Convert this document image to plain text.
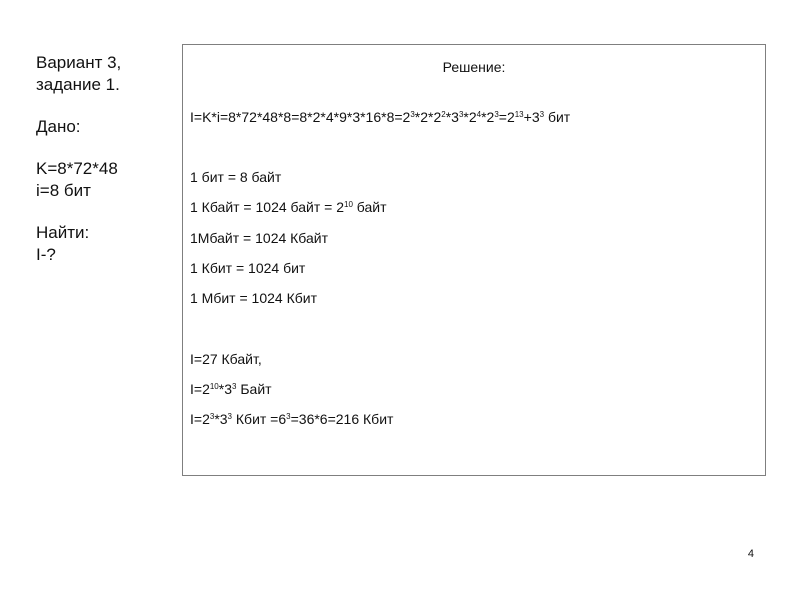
Вариант 3,

задание 1.

Дано:

K=8*72*48

i=8 бит

Найти:

I-?

Решение:
$I=K*i=8*72*48*8=8*2*4*9*3*16*8=2^3*2*2^2*3^3*2^4*2^3=2^{13}+3^3$ бит
1 бит = 8 байт
1 Кбайт = 1024 байт = $2^{10}$ байт
1Мбайт = 1024 Кбайт
1 Кбит = 1024 бит
1 Мбит = 1024 Кбит
I=27 Кбайт,
$I=2^{10}*3^3$ Байт
$I=2^3*3^3$ Кбит $=6^3=36*6=216$ Кбит
4
